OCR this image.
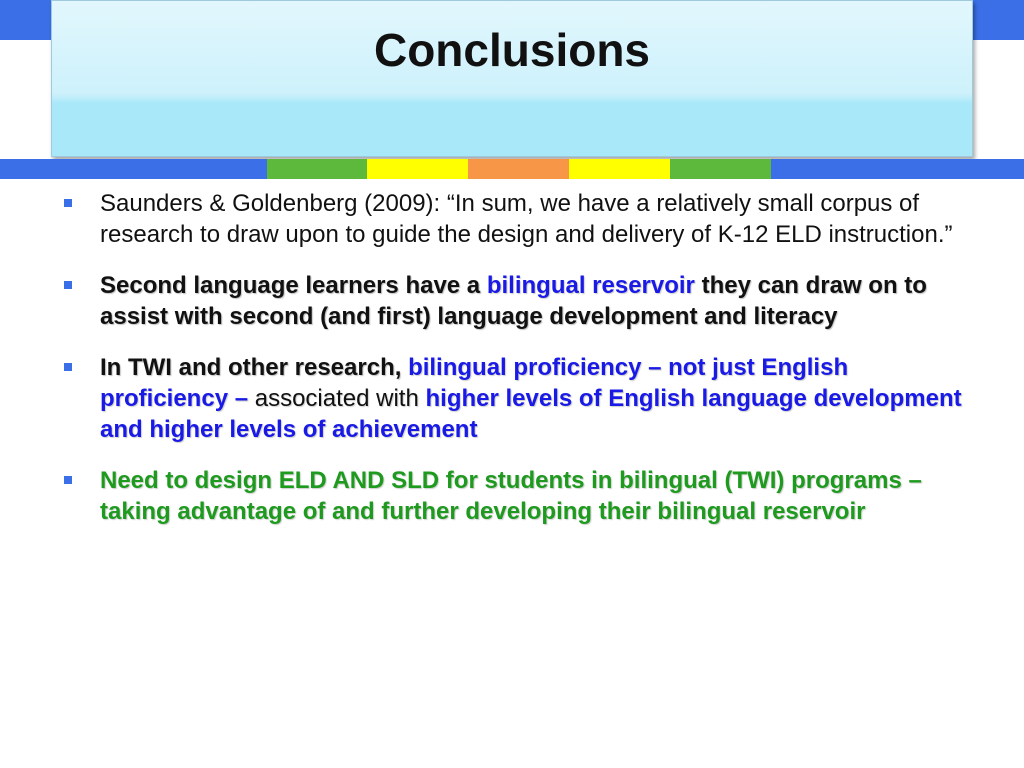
Conclusions
Saunders & Goldenberg (2009): “In sum, we have a relatively small corpus of research to draw upon to guide the design and delivery of K-12 ELD instruction.”
Second language learners have a bilingual reservoir they can draw on to assist with second (and first) language development and literacy
In TWI and other research, bilingual proficiency – not just English proficiency – associated with higher levels of English language development and higher levels of achievement
Need to design ELD AND SLD for students in bilingual (TWI) programs – taking advantage of and further developing their bilingual reservoir
